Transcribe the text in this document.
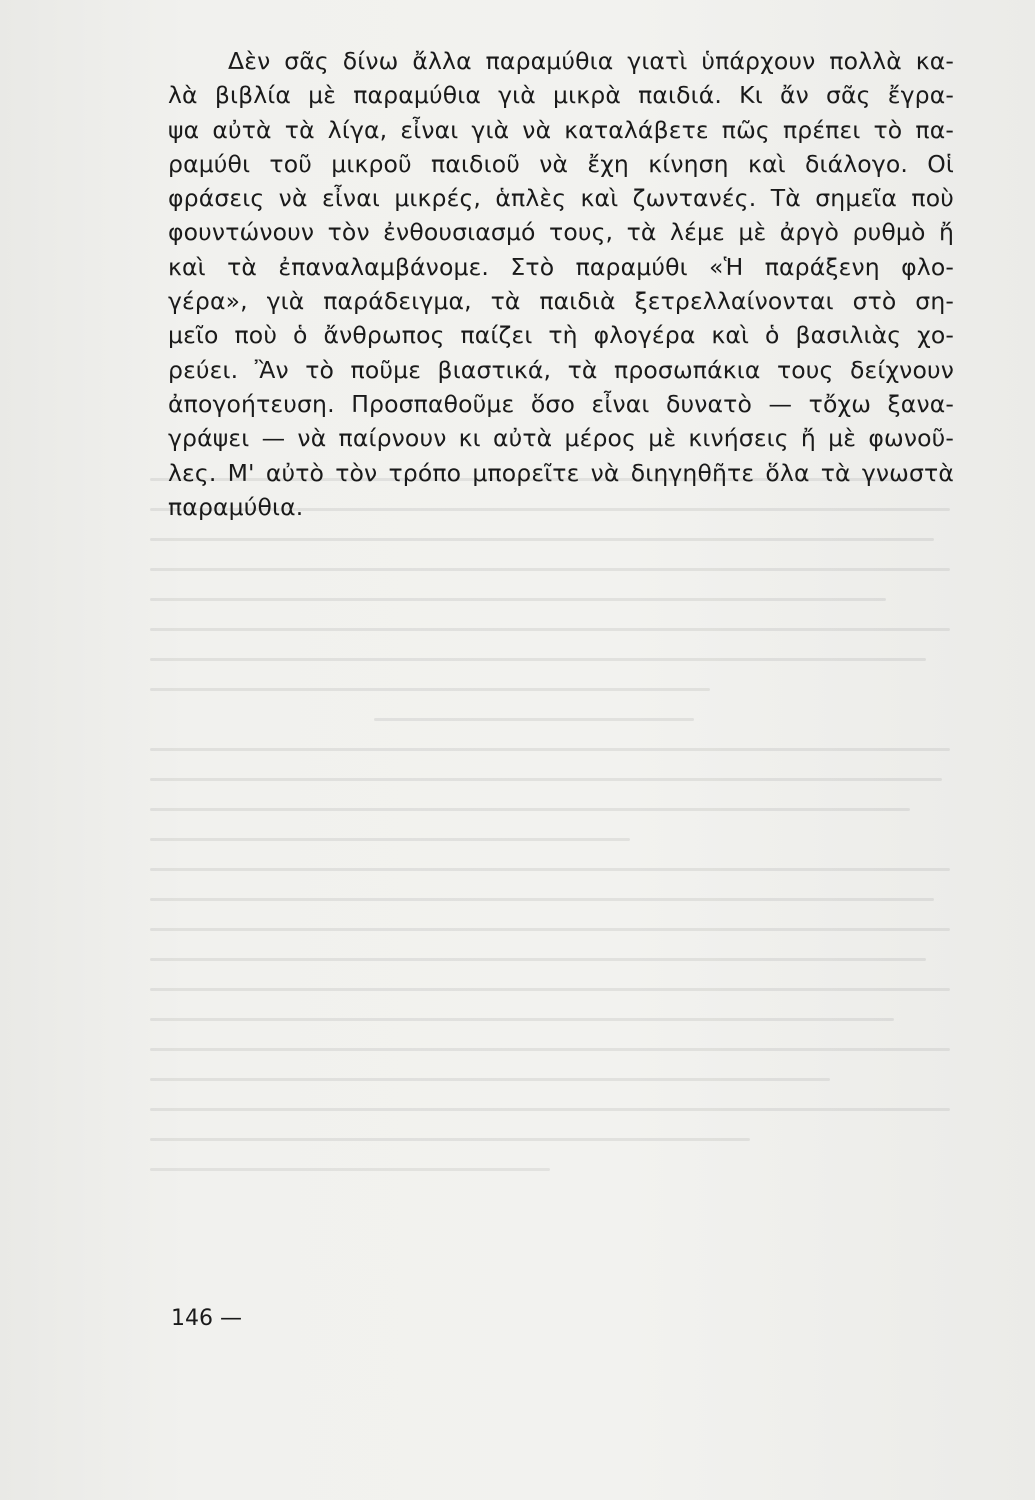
Δὲν σᾶς δίνω ἄλλα παραμύθια γιατὶ ὑπάρχουν πολλὰ κα-
λὰ βιβλία μὲ παραμύθια γιὰ μικρὰ παιδιά. Κι ἄν σᾶς ἔγρα-
ψα αὐτὰ τὰ λίγα, εἶναι γιὰ νὰ καταλάβετε πῶς πρέπει τὸ πα-
ραμύθι τοῦ μικροῦ παιδιοῦ νὰ ἔχη κίνηση καὶ διάλογο. Οἱ
φράσεις νὰ εἶναι μικρές, ἁπλὲς καὶ ζωντανές. Τὰ σημεῖα ποὺ
φουντώνουν τὸν ἐνθουσιασμό τους, τὰ λέμε μὲ ἀργὸ ρυθμὸ ἤ
καὶ τὰ ἐπαναλαμβάνομε. Στὸ παραμύθι «Ἡ παράξενη φλο-
γέρα», γιὰ παράδειγμα, τὰ παιδιὰ ξετρελλαίνονται στὸ ση-
μεῖο ποὺ ὁ ἄνθρωπος παίζει τὴ φλογέρα καὶ ὁ βασιλιὰς χο-
ρεύει. Ἂν τὸ ποῦμε βιαστικά, τὰ προσωπάκια τους δείχνουν
ἀπογοήτευση. Προσπαθοῦμε ὅσο εἶναι δυνατὸ — τὄχω ξανα-
γράψει — νὰ παίρνουν κι αὐτὰ μέρος μὲ κινήσεις ἤ μὲ φωνοῦ-
λες. Μ' αὐτὸ τὸν τρόπο μπορεῖτε νὰ διηγηθῆτε ὅλα τὰ γνωστὰ
παραμύθια.
146 —
